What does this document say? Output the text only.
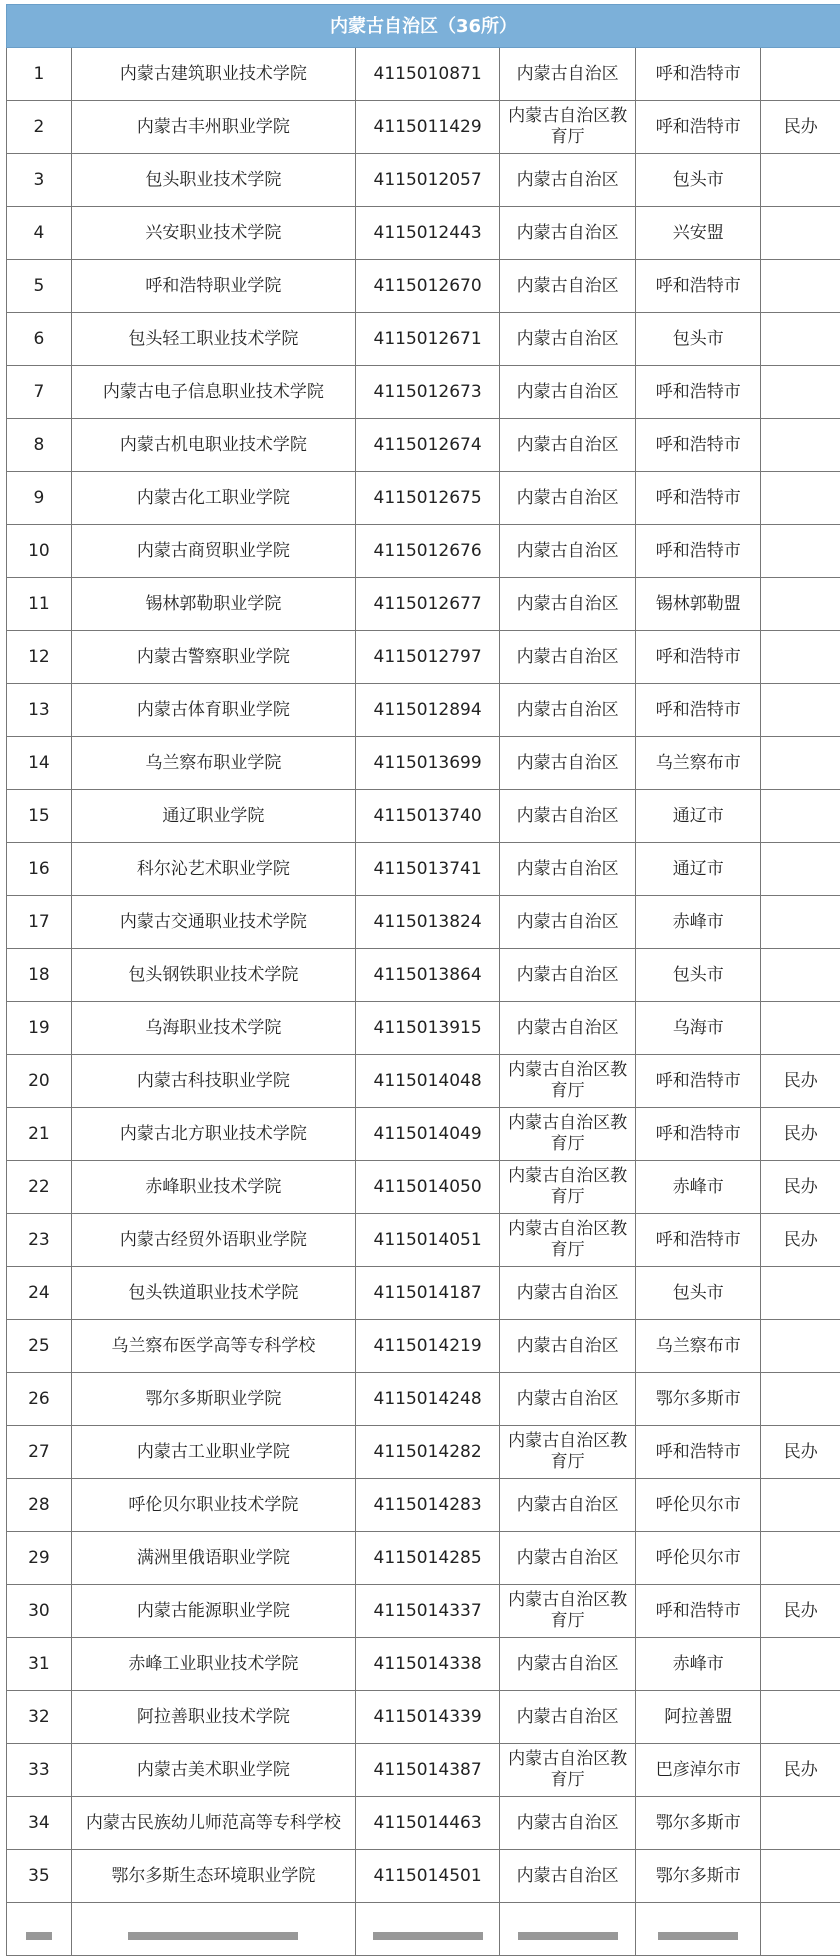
内蒙古自治区（36所）					
1	内蒙古建筑职业技术学院	4115010871	内蒙古自治区	呼和浩特市	
2	内蒙古丰州职业学院	4115011429	内蒙古自治区教育厅	呼和浩特市	民办
3	包头职业技术学院	4115012057	内蒙古自治区	包头市	
4	兴安职业技术学院	4115012443	内蒙古自治区	兴安盟	
5	呼和浩特职业学院	4115012670	内蒙古自治区	呼和浩特市	
6	包头轻工职业技术学院	4115012671	内蒙古自治区	包头市	
7	内蒙古电子信息职业技术学院	4115012673	内蒙古自治区	呼和浩特市	
8	内蒙古机电职业技术学院	4115012674	内蒙古自治区	呼和浩特市	
9	内蒙古化工职业学院	4115012675	内蒙古自治区	呼和浩特市	
10	内蒙古商贸职业学院	4115012676	内蒙古自治区	呼和浩特市	
11	锡林郭勒职业学院	4115012677	内蒙古自治区	锡林郭勒盟	
12	内蒙古警察职业学院	4115012797	内蒙古自治区	呼和浩特市	
13	内蒙古体育职业学院	4115012894	内蒙古自治区	呼和浩特市	
14	乌兰察布职业学院	4115013699	内蒙古自治区	乌兰察布市	
15	通辽职业学院	4115013740	内蒙古自治区	通辽市	
16	科尔沁艺术职业学院	4115013741	内蒙古自治区	通辽市	
17	内蒙古交通职业技术学院	4115013824	内蒙古自治区	赤峰市	
18	包头钢铁职业技术学院	4115013864	内蒙古自治区	包头市	
19	乌海职业技术学院	4115013915	内蒙古自治区	乌海市	
20	内蒙古科技职业学院	4115014048	内蒙古自治区教育厅	呼和浩特市	民办
21	内蒙古北方职业技术学院	4115014049	内蒙古自治区教育厅	呼和浩特市	民办
22	赤峰职业技术学院	4115014050	内蒙古自治区教育厅	赤峰市	民办
23	内蒙古经贸外语职业学院	4115014051	内蒙古自治区教育厅	呼和浩特市	民办
24	包头铁道职业技术学院	4115014187	内蒙古自治区	包头市	
25	乌兰察布医学高等专科学校	4115014219	内蒙古自治区	乌兰察布市	
26	鄂尔多斯职业学院	4115014248	内蒙古自治区	鄂尔多斯市	
27	内蒙古工业职业学院	4115014282	内蒙古自治区教育厅	呼和浩特市	民办
28	呼伦贝尔职业技术学院	4115014283	内蒙古自治区	呼伦贝尔市	
29	满洲里俄语职业学院	4115014285	内蒙古自治区	呼伦贝尔市	
30	内蒙古能源职业学院	4115014337	内蒙古自治区教育厅	呼和浩特市	民办
31	赤峰工业职业技术学院	4115014338	内蒙古自治区	赤峰市	
32	阿拉善职业技术学院	4115014339	内蒙古自治区	阿拉善盟	
33	内蒙古美术职业学院	4115014387	内蒙古自治区教育厅	巴彦淖尔市	民办
34	内蒙古民族幼儿师范高等专科学校	4115014463	内蒙古自治区	鄂尔多斯市	
35	鄂尔多斯生态环境职业学院	4115014501	内蒙古自治区	鄂尔多斯市	
